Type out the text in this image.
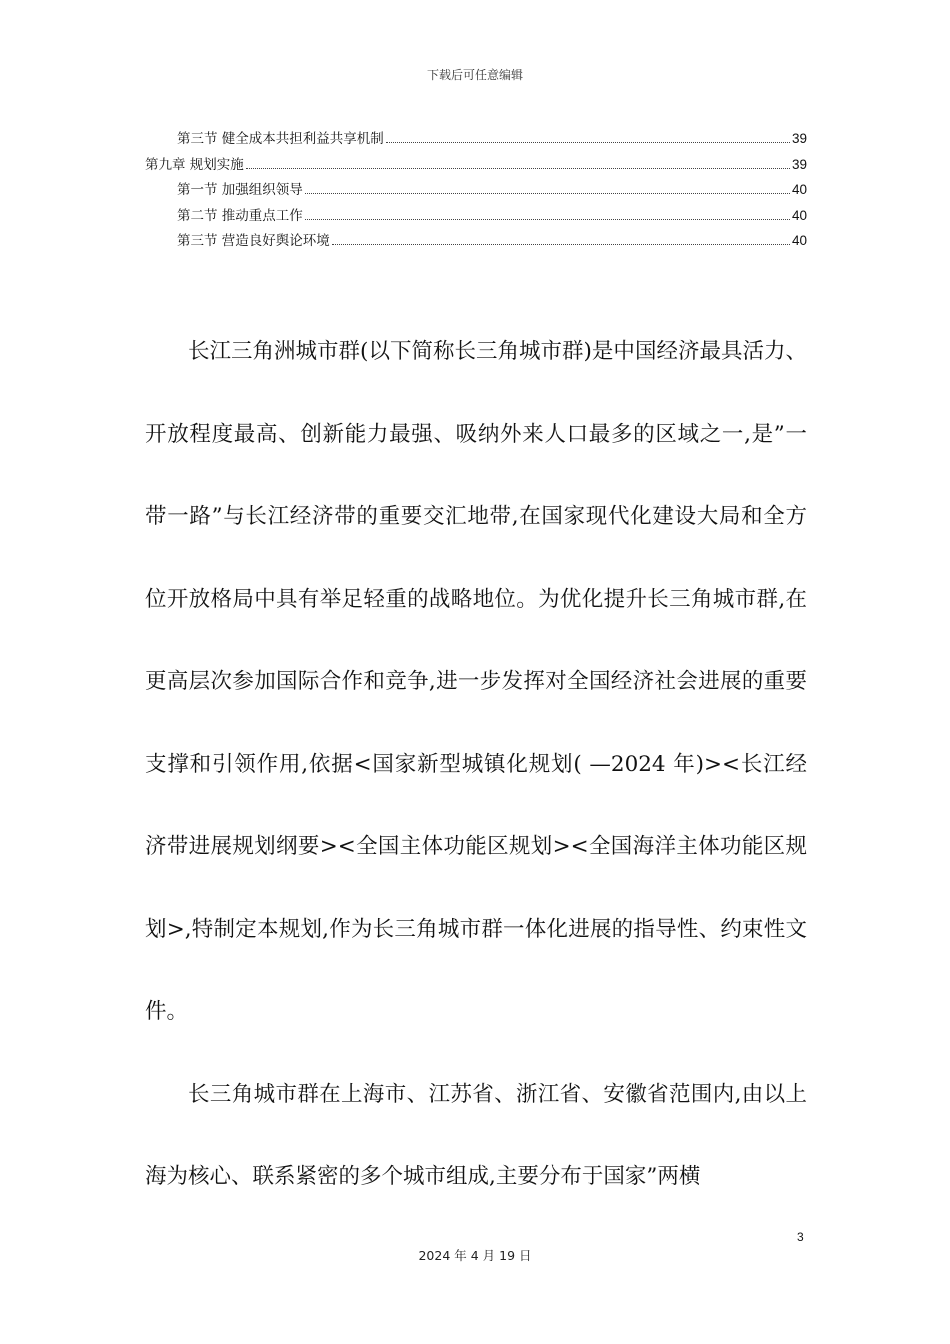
下载后可任意编辑
第三节 健全成本共担利益共享机制	39
第九章 规划实施	39
第一节 加强组织领导	40
第二节 推动重点工作	40
第三节 营造良好舆论环境	40

长江三角洲城市群(以下简称长三角城市群)是中国经济最具活力、开放程度最高、创新能力最强、吸纳外来人口最多的区域之一,是”一带一路”与长江经济带的重要交汇地带,在国家现代化建设大局和全方位开放格局中具有举足轻重的战略地位。为优化提升长三角城市群,在更高层次参加国际合作和竞争,进一步发挥对全国经济社会进展的重要支撑和引领作用,依据<国家新型城镇化规划( —2024 年)><长江经济带进展规划纲要><全国主体功能区规划><全国海洋主体功能区规划>,特制定本规划,作为长三角城市群一体化进展的指导性、约束性文件。

长三角城市群在上海市、江苏省、浙江省、安徽省范围内,由以上海为核心、联系紧密的多个城市组成,主要分布于国家”两横

3
2024 年 4 月 19 日
